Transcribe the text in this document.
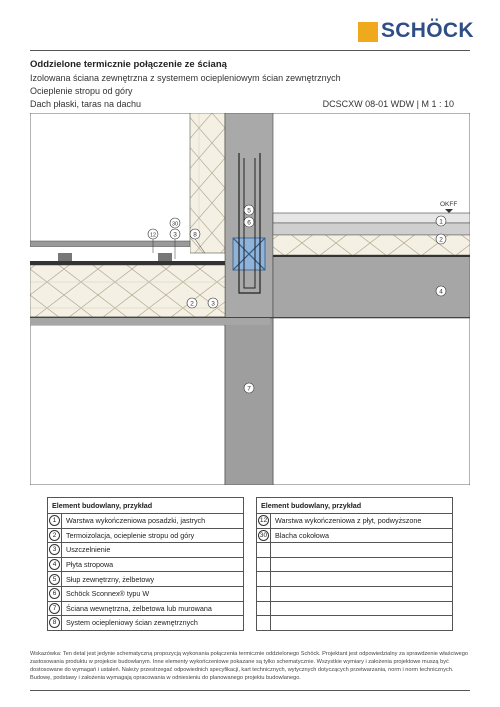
SCHÖCK
Oddzielone termicznie połączenie ze ścianą
Izolowana ściana zewnętrzna z systemem ociepleniowym ścian zewnętrznych
Ocieplenie stropu od góry
Dach płaski, taras na dachu	DCSCXW 08-01 WDW | M 1 : 10
OKFF
5
6
30
12	3	8
2	3
1
2
4
7
Element budowlany, przykład	
1	Warstwa wykończeniowa posadzki, jastrych
2	Termoizolacja, ocieplenie stropu od góry
3	Uszczelnienie
4	Płyta stropowa
5	Słup zewnętrzny, żelbetowy
6	Schöck Sconnex® typu W
7	Ściana wewnętrzna, żelbetowa lub murowana
8	System ociepleniowy ścian zewnętrznych
Element budowlany, przykład	
12	Warstwa wykończeniowa z płyt, podwyższone
30	Blacha cokołowa

Wskazówka: Ten detal jest jedynie schematyczną propozycją wykonania połączenia termicznie oddzielonego Schöck. Projektant jest odpowiedzialny za sprawdzenie właściwego zastosowania produktu w projekcie budowlanym. Inne elementy wykończeniowe pokazane są tylko schematycznie. Wszystkie wymiary i założenia projektowe muszą być dostosowane do wymagań i ustaleń. Należy przestrzegać odpowiednich specyfikacji, kart technicznych, wytycznych dotyczących przetwarzania, norm i norm technicznych. Budowę, podstawy i założenia wymagają opracowania w odniesieniu do planowanego projektu budowlanego.
